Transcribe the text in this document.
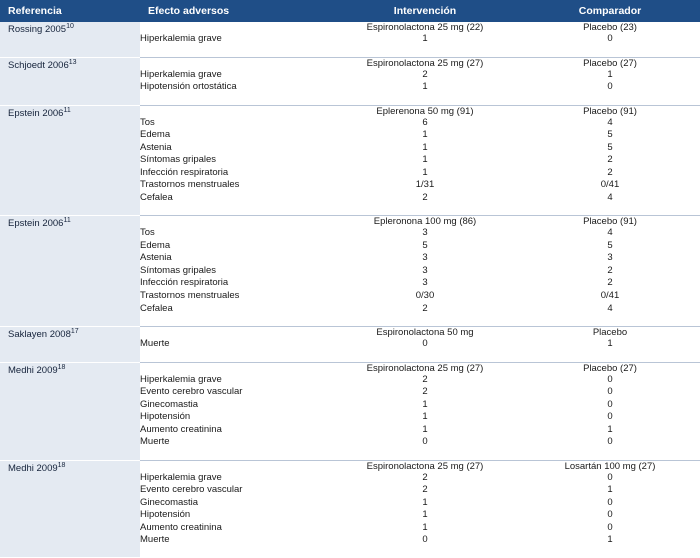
Referencia	Efecto adversos	Intervención	Comparador
Rossing 2005$^{10}$	
		Espironolactona 25 mg (22)	Placebo (23)
Hiperkalemia grave	1	0

Schjoedt 2006$^{13}$	
		Espironolactona 25 mg (27)	Placebo (27)
Hiperkalemia grave	2	1
Hipotensión ortostática	1	0

Epstein 2006$^{11}$	
		Eplerenona 50 mg (91)	Placebo (91)
Tos	6	4
Edema	1	5
Astenia	1	5
Síntomas gripales	1	2
Infección respiratoria	1	2
Trastornos menstruales	1/31	0/41
Cefalea	2	4

Epstein 2006$^{11}$	
		Epleronona 100 mg (86)	Placebo (91)
Tos	3	4
Edema	5	5
Astenia	3	3
Síntomas gripales	3	2
Infección respiratoria	3	2
Trastornos menstruales	0/30	0/41
Cefalea	2	4

Saklayen 2008$^{17}$	
		Espironolactona 50 mg	Placebo
Muerte	0	1

Medhi 2009$^{18}$	
		Espironolactona 25 mg (27)	Placebo (27)
Hiperkalemia grave	2	0
Evento cerebro vascular	2	0
Ginecomastia	1	0
Hipotensión	1	0
Aumento creatinina	1	1
Muerte	0	0

Medhi 2009$^{18}$	
		Espironolactona 25 mg (27)	Losartán 100 mg (27)
Hiperkalemia grave	2	0
Evento cerebro vascular	2	1
Ginecomastia	1	0
Hipotensión	1	0
Aumento creatinina	1	0
Muerte	0	1
